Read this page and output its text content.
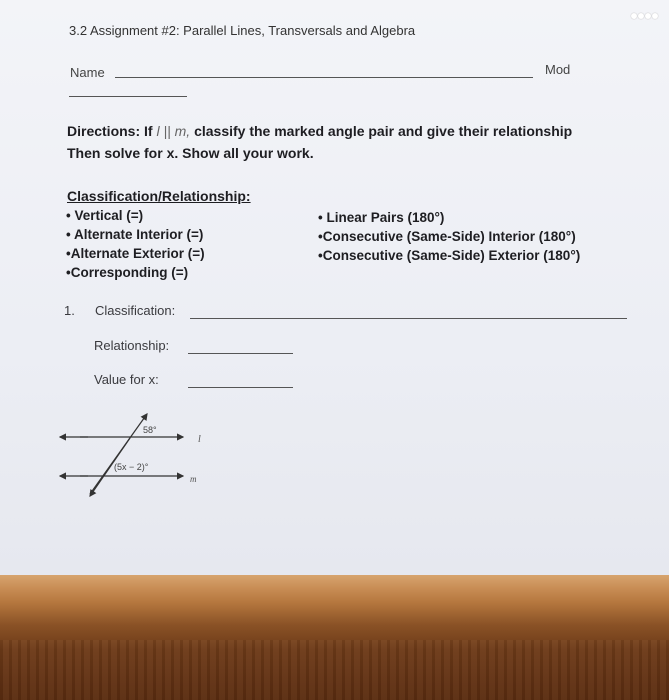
3.2 Assignment #2: Parallel Lines, Transversals and Algebra
Name	Mod
Directions: If l || m, classify the marked angle pair and give their relationship
Then solve for x. Show all your work.
Classification/Relationship:
• Vertical (=)
• Alternate Interior (=)
•Alternate Exterior (=)
•Corresponding (=)
• Linear Pairs (180°)
•Consecutive (Same-Side) Interior (180°)
•Consecutive (Same-Side) Exterior (180°)
1. Classification:
Relationship:
Value for x:
58°
(5x − 2)°
l
m
